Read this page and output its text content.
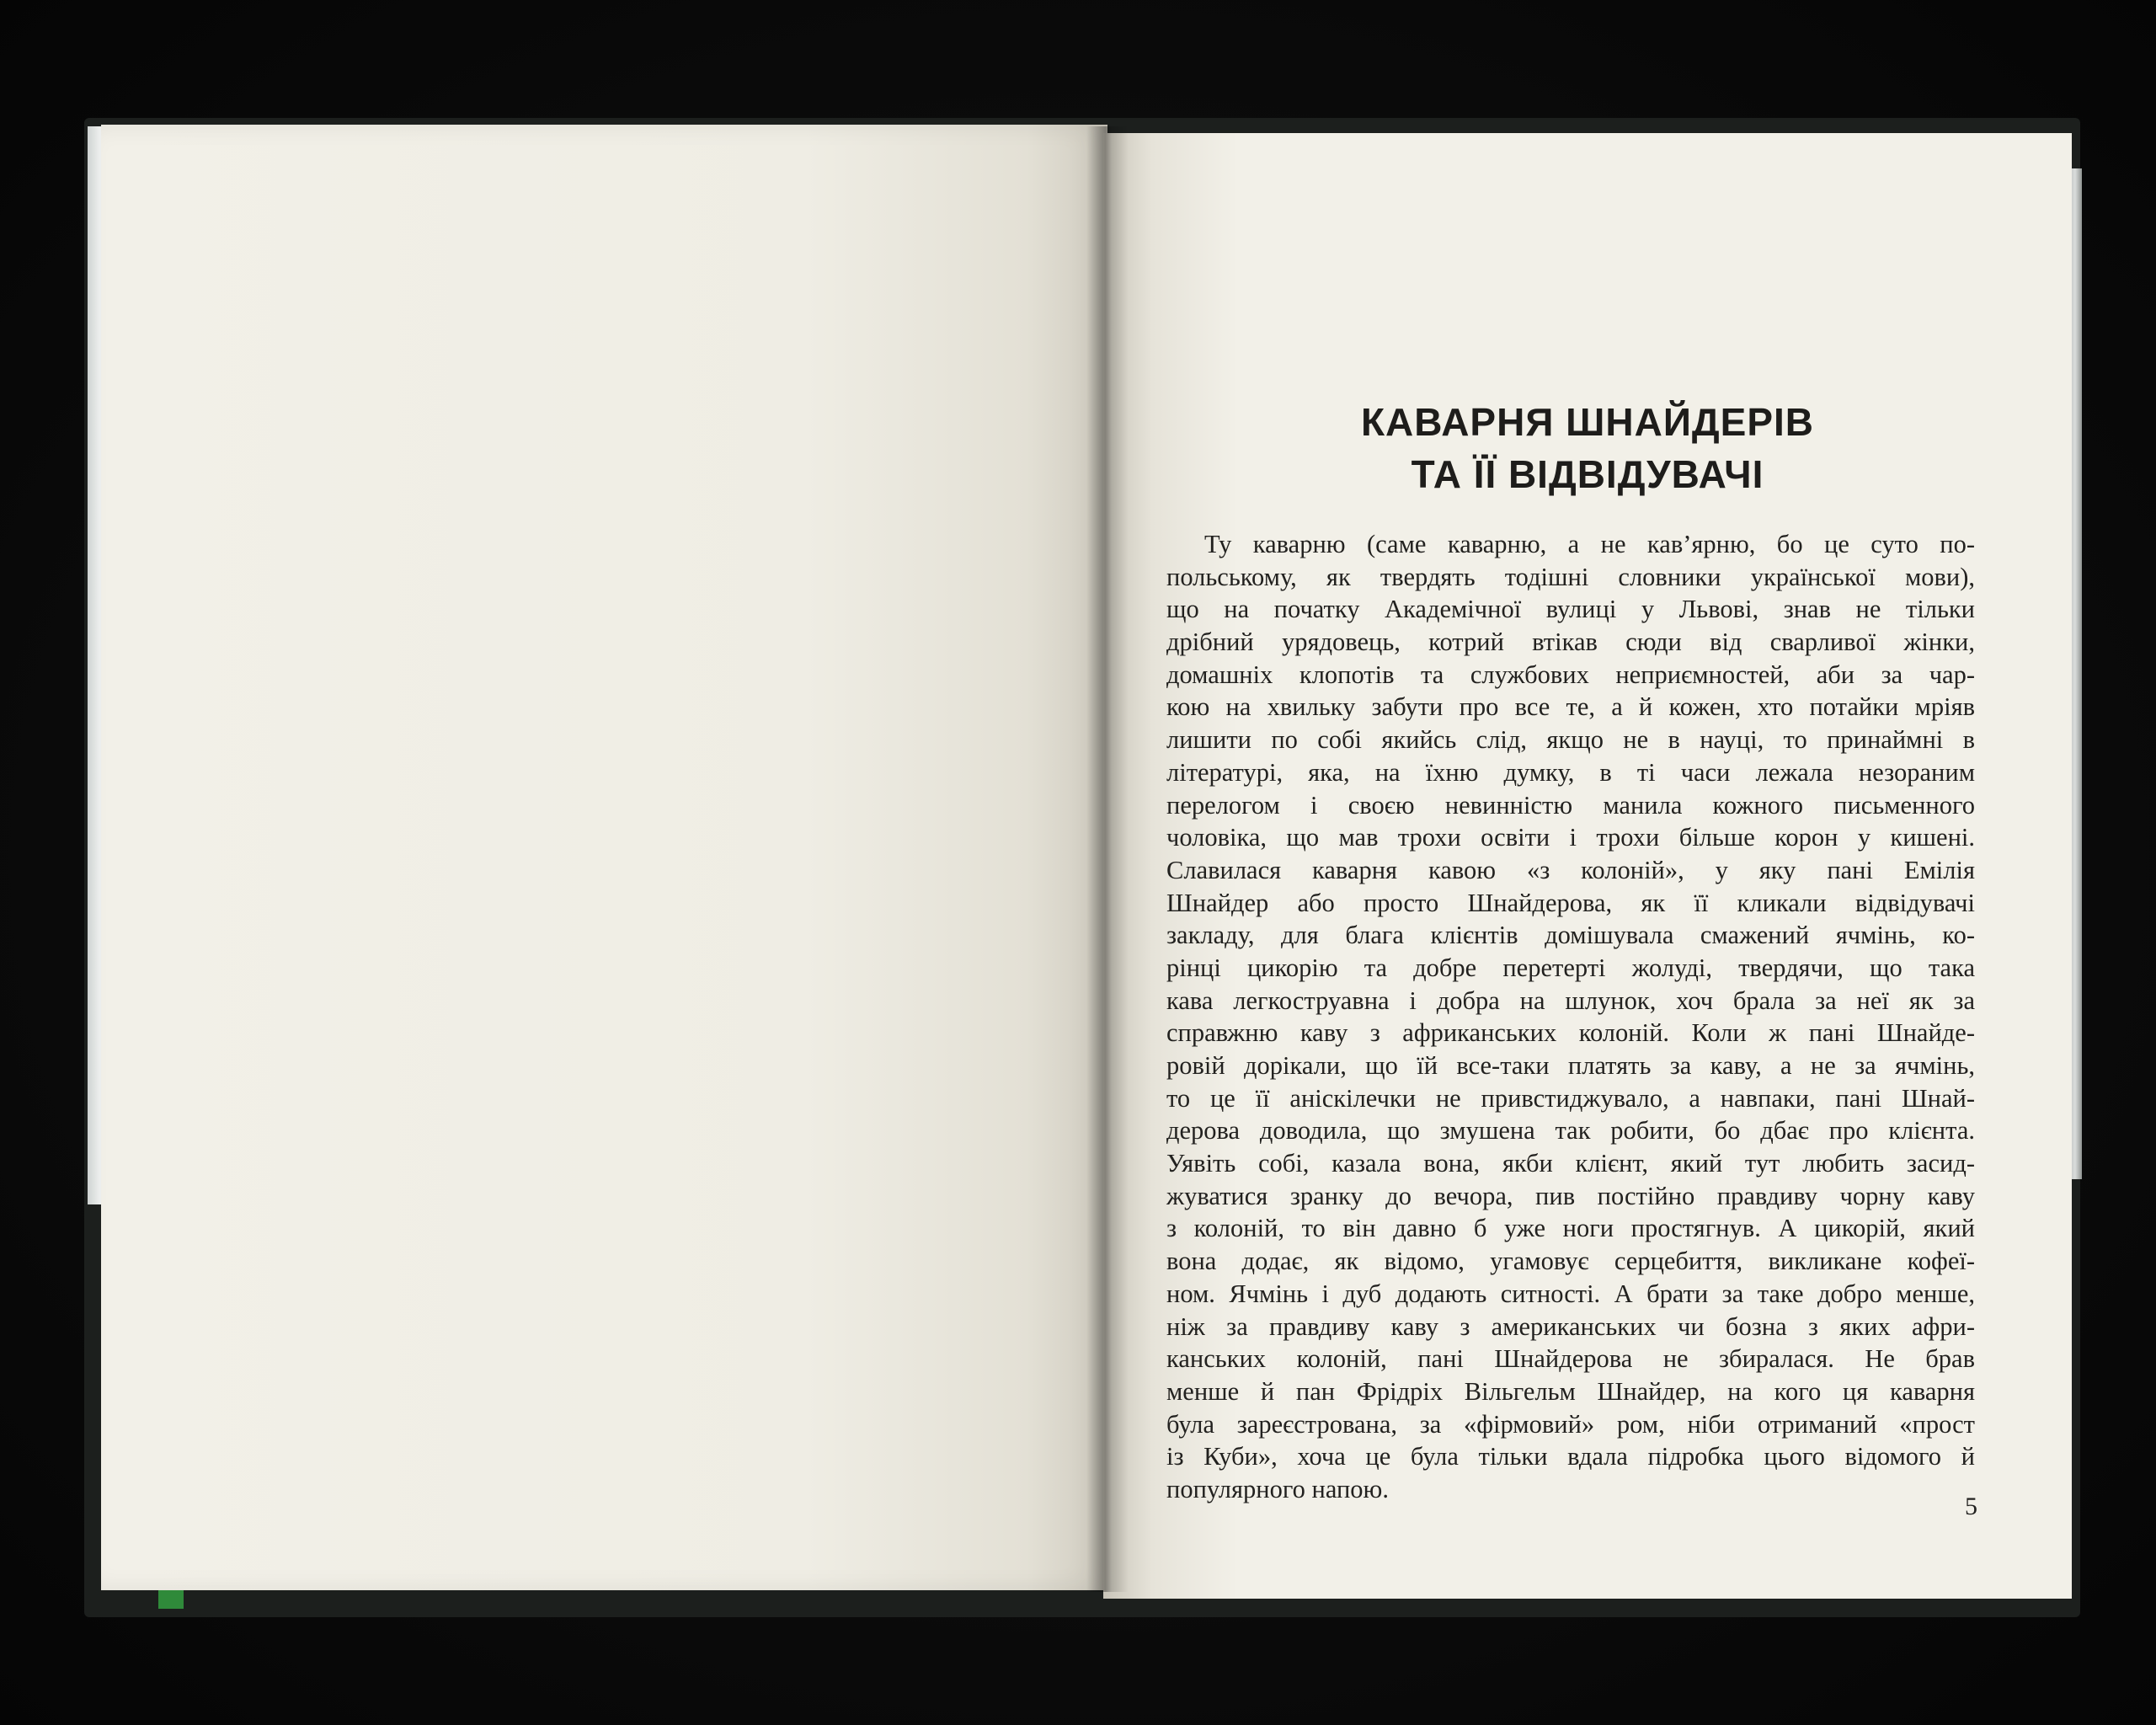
КАВАРНЯ ШНАЙДЕРІВ
ТА ЇЇ ВІДВІДУВАЧІ
Ту каварню (саме каварню, а не кав’ярню, бо це суто по-
польському, як твердять тодішні словники української мови),
що на початку Академічної вулиці у Львові, знав не тільки
дрібний урядовець, котрий втікав сюди від сварливої жінки,
домашніх клопотів та службових неприємностей, аби за чар-
кою на хвильку забути про все те, а й кожен, хто потайки мріяв
лишити по собі якийсь слід, якщо не в науці, то принаймні в
літературі, яка, на їхню думку, в ті часи лежала незораним
перелогом і своєю невинністю манила кожного письменного
чоловіка, що мав трохи освіти і трохи більше корон у кишені.
Славилася каварня кавою «з колоній», у яку пані Емілія
Шнайдер або просто Шнайдерова, як її кликали відвідувачі
закладу, для блага клієнтів домішувала смажений ячмінь, ко-
рінці цикорію та добре перетерті жолуді, твердячи, що така
кава легкоструавна і добра на шлунок, хоч брала за неї як за
справжню каву з африканських колоній. Коли ж пані Шнайде-
ровій дорікали, що їй все-таки платять за каву, а не за ячмінь,
то це її аніскілечки не привстиджувало, а навпаки, пані Шнай-
дерова доводила, що змушена так робити, бо дбає про клієнта.
Уявіть собі, казала вона, якби клієнт, який тут любить засид-
жуватися зранку до вечора, пив постійно правдиву чорну каву
з колоній, то він давно б уже ноги простягнув. А цикорій, який
вона додає, як відомо, угамовує серцебиття, викликане кофеї-
ном. Ячмінь і дуб додають ситності. А брати за таке добро менше,
ніж за правдиву каву з американських чи бозна з яких афри-
канських колоній, пані Шнайдерова не збиралася. Не брав
менше й пан Фрідріх Вільгельм Шнайдер, на кого ця каварня
була зареєстрована, за «фірмовий» ром, ніби отриманий «прост
із Куби», хоча це була тільки вдала підробка цього відомого й
популярного напою.
5
